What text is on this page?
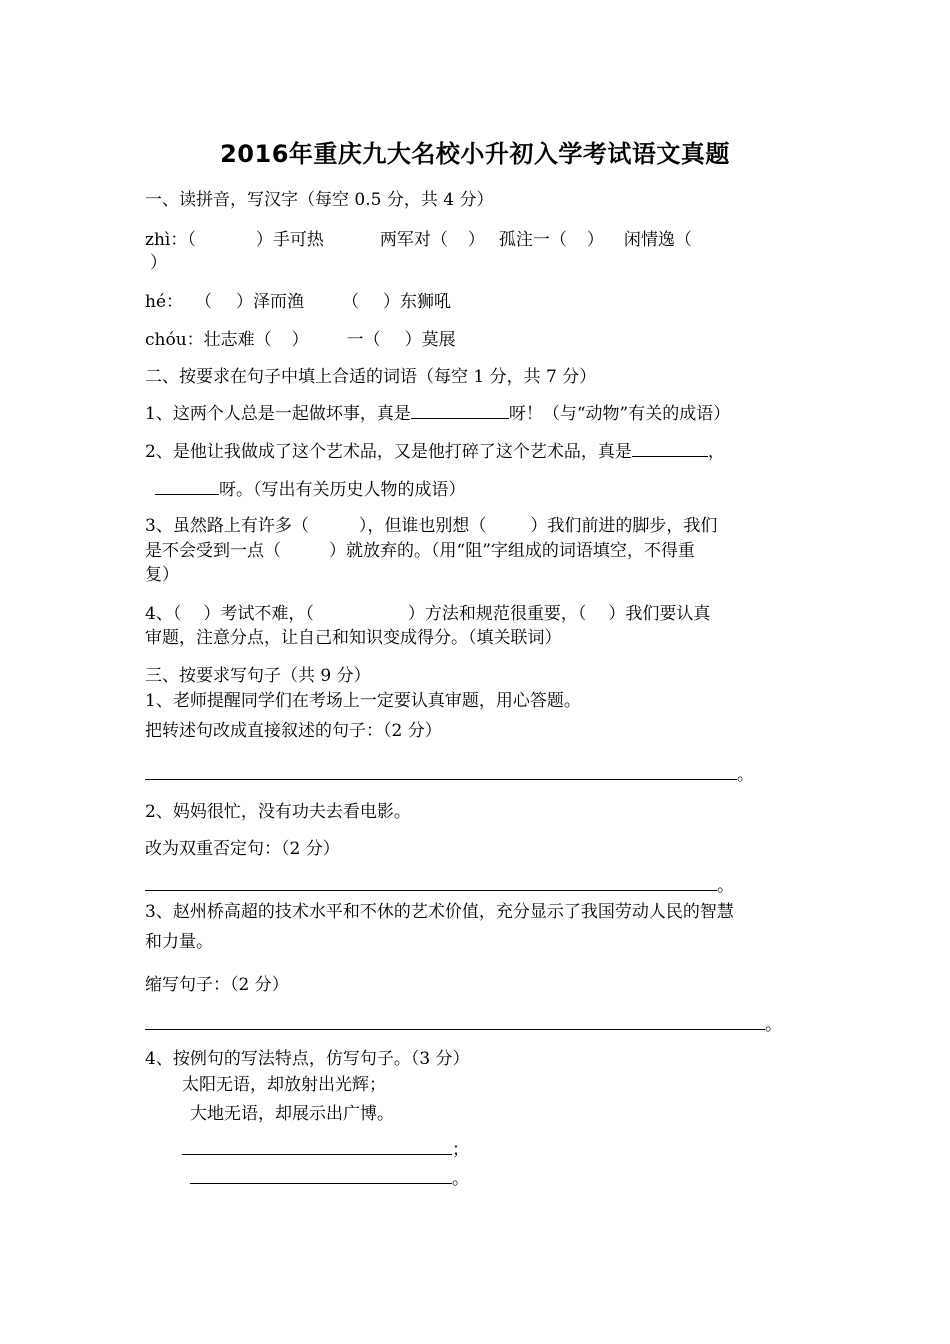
2016年重庆九大名校小升初入学考试语文真题
一、读拼音，写汉字（每空 0.5 分，共 4 分）
zhì：（	）手可热	两军对（ ） 孤注一（ ） 闲情逸（
）
hé： （ ）泽而渔 （ ）东狮吼
chóu：壮志难（ ） 一（ ）莫展
二、按要求在句子中填上合适的词语（每空 1 分，共 7 分）
1、这两个人总是一起做坏事，真是	呀！（与“动物”有关的成语）
2、是他让我做成了这个艺术品，又是他打碎了这个艺术品，真是	，
呀。（写出有关历史人物的成语）
3、虽然路上有许多（	），但谁也别想（	）我们前进的脚步，我们
是不会受到一点（	）就放弃的。（用“阻”字组成的词语填空，不得重
复）
4、（ ）考试不难，（	）方法和规范很重要，（ ）我们要认真
审题，注意分点，让自己和知识变成得分。（填关联词）
三、按要求写句子（共 9 分）
1、老师提醒同学们在考场上一定要认真审题，用心答题。
把转述句改成直接叙述的句子：（2 分）
。
2、妈妈很忙，没有功夫去看电影。
改为双重否定句：（2 分）
。
3、赵州桥高超的技术水平和不休的艺术价值，充分显示了我国劳动人民的智慧
和力量。
缩写句子：（2 分）
。
4、按例句的写法特点，仿写句子。（3 分）
太阳无语，却放射出光辉；
大地无语，却展示出广博。
；
。
